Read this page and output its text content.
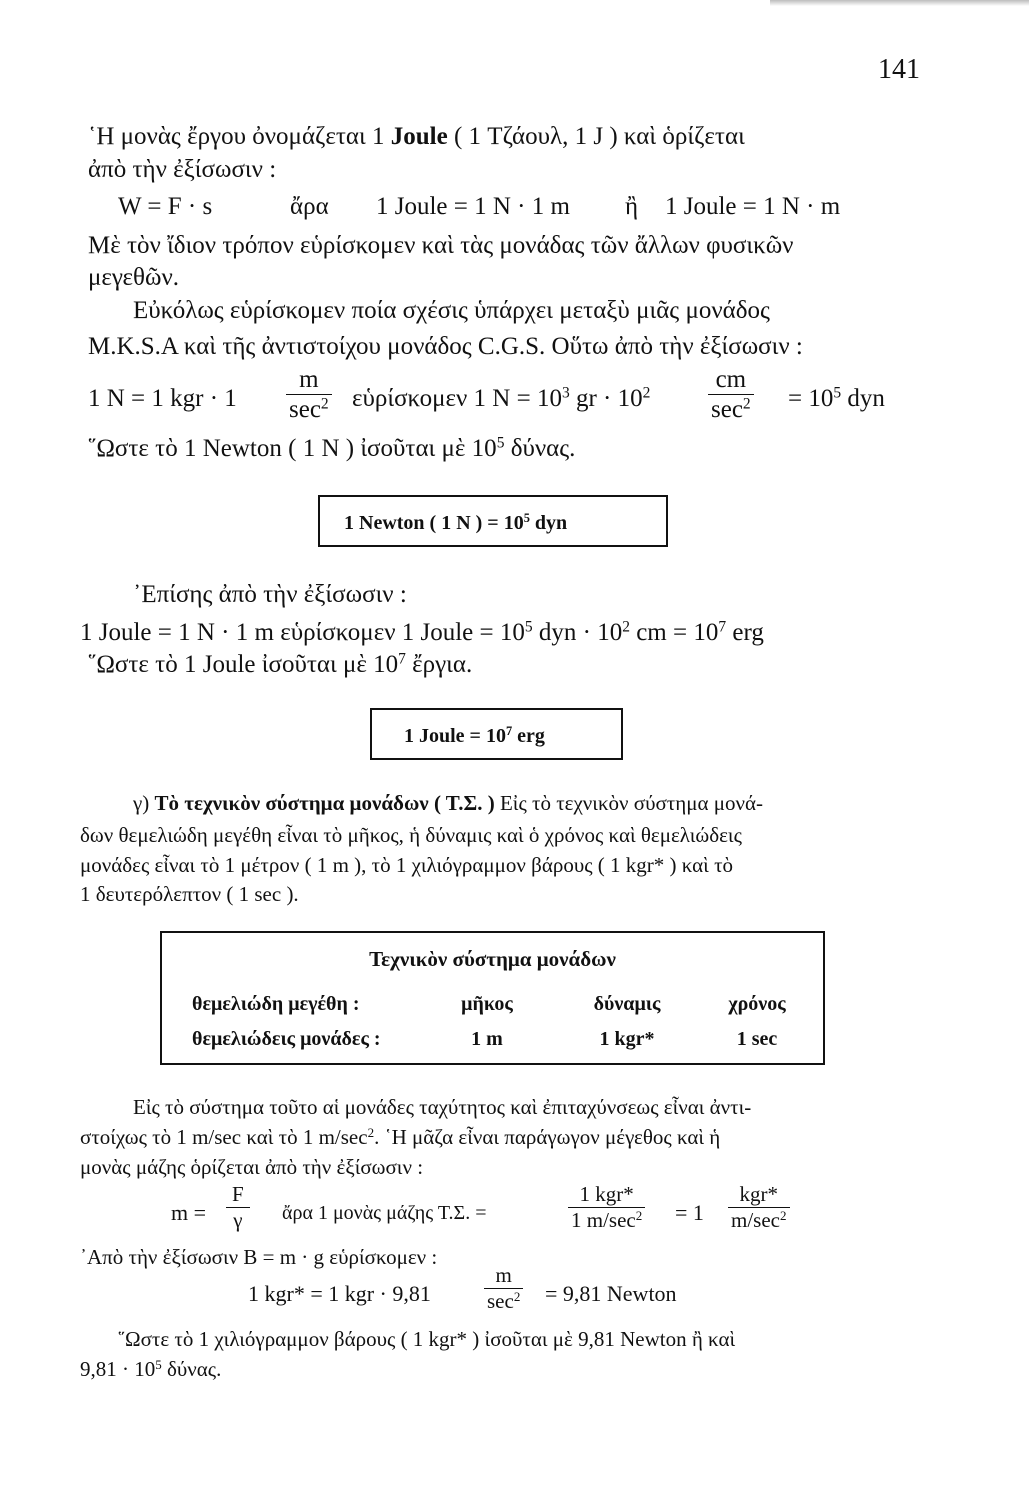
141
῾Η μονὰς ἔργου ὀνομάζεται 1 Joule ( 1 Τζάουλ, 1 J ) καὶ ὁρίζεται
ἀπὸ τὴν ἐξίσωσιν :
W = F · s	ἄρα 1 Joule = 1 N · 1 m ἢ 1 Joule = 1 N · m
Μὲ τὸν ἴδιον τρόπον εὑρίσκομεν καὶ τὰς μονάδας τῶν ἄλλων φυσικῶν
μεγεθῶν.
Εὐκόλως εὑρίσκομεν ποία σχέσις ὑπάρχει μεταξὺ μιᾶς μονάδος
M.K.S.A καὶ τῆς ἀντιστοίχου μονάδος C.G.S. Οὕτω ἀπὸ τὴν ἐξίσωσιν :
1 N = 1 kgr · 1
m
$\sec^2$ εὑρίσκομεν 1 $N = 10^3$ gr · $10^2$	cm
$\sec^2 = 10^5$ dyn
῞Ωστε τὸ 1 Newton ( 1 N ) ἰσοῦται μὲ $10^5$ δύνας.
1 Newton ( 1 N ) = $10^5$ dyn
᾽Επίσης ἀπὸ τὴν ἐξίσωσιν :
1 Joule = 1 N · 1 m εὑρίσκομεν 1 Joule = $10^5$ dyn · $10^2$ cm = $10^7$ erg
῞Ωστε τὸ 1 Joule ἰσοῦται μὲ $10^7$ ἔργια.
1 Joule = $10^7$ erg
γ) Τὸ τεχνικὸν σύστημα μονάδων ( Τ.Σ. ) Εἰς τὸ τεχνικὸν σύστημα μονά-
δων θεμελιώδη μεγέθη εἶναι τὸ μῆκος, ἡ δύναμις καὶ ὁ χρόνος καὶ θεμελιώδεις
μονάδες εἶναι τὸ 1 μέτρον ( 1 m ), τὸ 1 χιλιόγραμμον βάρους ( 1 kgr* ) καὶ τὸ
1 δευτερόλεπτον ( 1 sec ).
Τεχνικὸν σύστημα μονάδων
θεμελιώδη μεγέθη :	μῆκος	δύναμις	χρόνος
θεμελιώδεις μονάδες :	1 m	1 kgr*	1 sec
Εἰς τὸ σύστημα τοῦτο αἱ μονάδες ταχύτητος καὶ ἐπιταχύνσεως εἶναι ἀντι-
στοίχως τὸ 1 m/sec καὶ τὸ 1 $m/\sec^2$. ῾Η μᾶζα εἶναι παράγωγον μέγεθος καὶ ἡ
μονὰς μάζης ὁρίζεται ἀπὸ τὴν ἐξίσωσιν :
$m = \frac{F}{\gamma}$ ἄρα 1 μονὰς μάζης Τ.Σ. =
1 kgr*
1 $m/\sec^2 = 1$
kgr*
$m/\sec^2$
᾽Απὸ τὴν ἐξίσωσιν B = m · g εὑρίσκομεν :
1 kgr* = 1 kgr · 9,81
m
$\sec^2 = 9,81$ Newton
῞Ωστε τὸ 1 χιλιόγραμμον βάρους ( 1 kgr* ) ἰσοῦται μὲ 9,81 Newton ἢ καὶ
$9,81 \cdot 10^5$ δύνας.
